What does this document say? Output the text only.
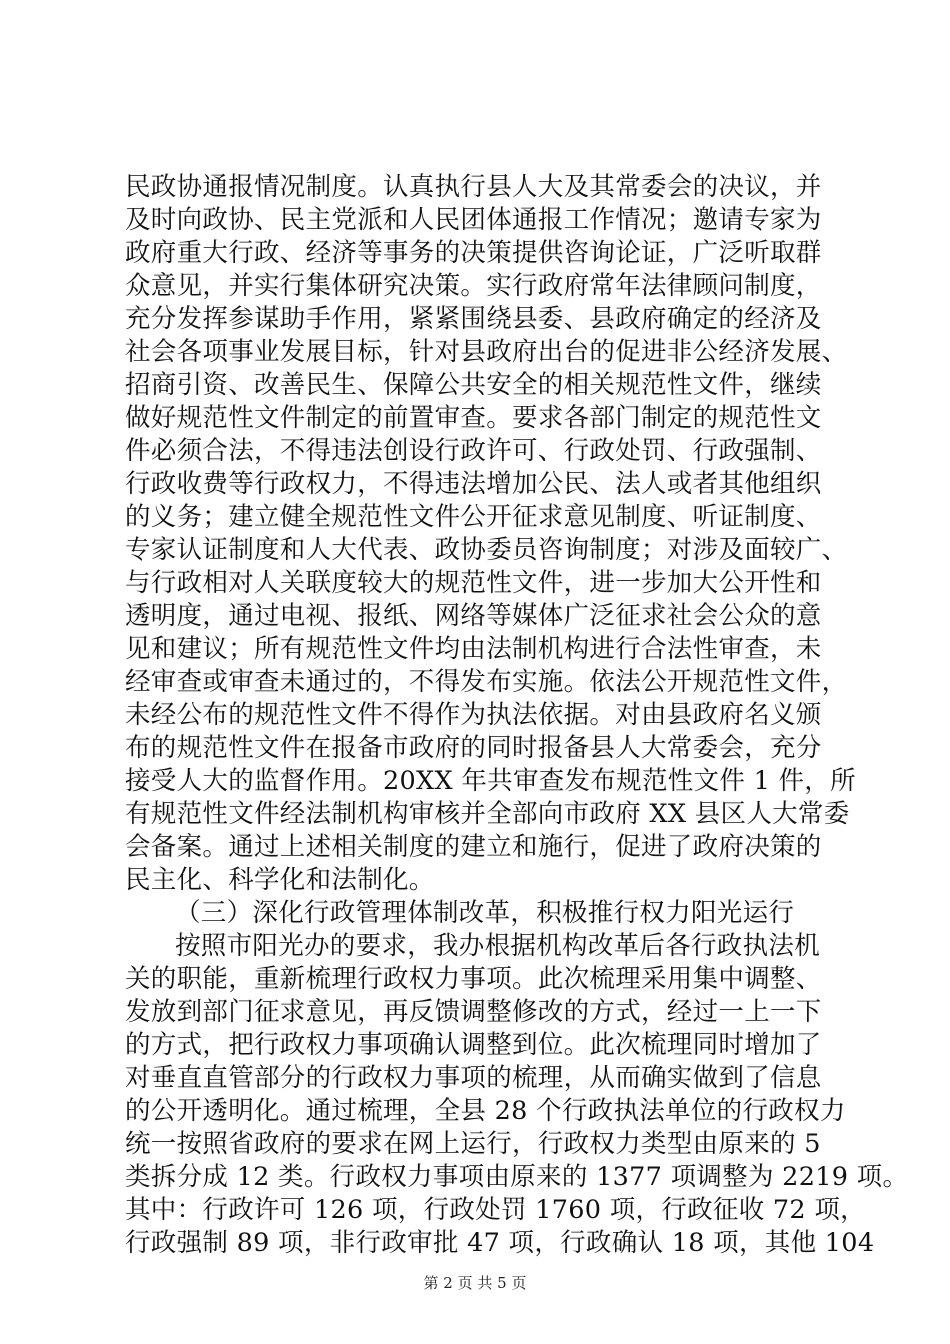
民政协通报情况制度。认真执行县人大及其常委会的决议，并
及时向政协、民主党派和人民团体通报工作情况；邀请专家为
政府重大行政、经济等事务的决策提供咨询论证，广泛听取群
众意见，并实行集体研究决策。实行政府常年法律顾问制度，
充分发挥参谋助手作用，紧紧围绕县委、县政府确定的经济及
社会各项事业发展目标，针对县政府出台的促进非公经济发展、
招商引资、改善民生、保障公共安全的相关规范性文件，继续
做好规范性文件制定的前置审查。要求各部门制定的规范性文
件必须合法，不得违法创设行政许可、行政处罚、行政强制、
行政收费等行政权力，不得违法增加公民、法人或者其他组织
的义务；建立健全规范性文件公开征求意见制度、听证制度、
专家认证制度和人大代表、政协委员咨询制度；对涉及面较广、
与行政相对人关联度较大的规范性文件，进一步加大公开性和
透明度，通过电视、报纸、网络等媒体广泛征求社会公众的意
见和建议；所有规范性文件均由法制机构进行合法性审查，未
经审查或审查未通过的，不得发布实施。依法公开规范性文件，
未经公布的规范性文件不得作为执法依据。对由县政府名义颁
布的规范性文件在报备市政府的同时报备县人大常委会，充分
接受人大的监督作用。20XX 年共审查发布规范性文件 1 件，所
有规范性文件经法制机构审核并全部向市政府 XX 县区人大常委
会备案。通过上述相关制度的建立和施行，促进了政府决策的
民主化、科学化和法制化。
（三）深化行政管理体制改革，积极推行权力阳光运行
按照市阳光办的要求，我办根据机构改革后各行政执法机
关的职能，重新梳理行政权力事项。此次梳理采用集中调整、
发放到部门征求意见，再反馈调整修改的方式，经过一上一下
的方式，把行政权力事项确认调整到位。此次梳理同时增加了
对垂直直管部分的行政权力事项的梳理，从而确实做到了信息
的公开透明化。通过梳理，全县 28 个行政执法单位的行政权力
统一按照省政府的要求在网上运行，行政权力类型由原来的 5
类拆分成 12 类。行政权力事项由原来的 1377 项调整为 2219 项。
其中：行政许可 126 项，行政处罚 1760 项，行政征收 72 项，
行政强制 89 项，非行政审批 47 项，行政确认 18 项，其他 104
第 2 页 共 5 页
